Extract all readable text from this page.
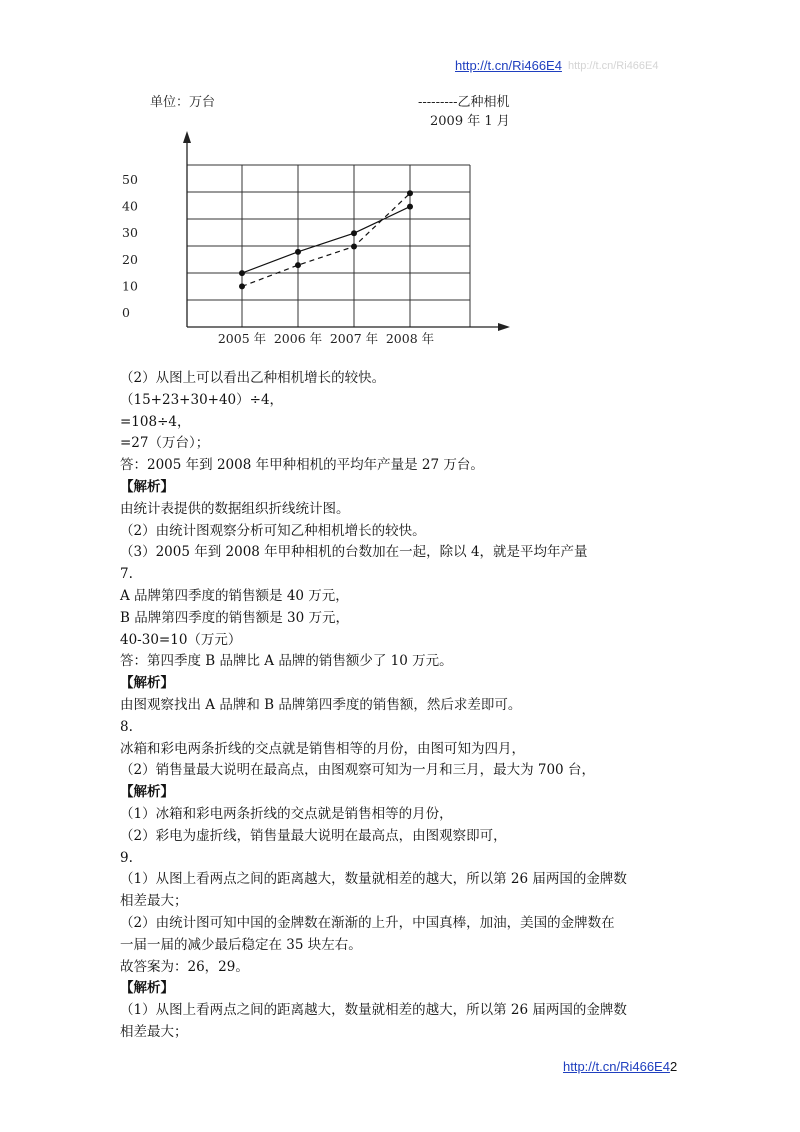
http://t.cn/Ri466E4 http://t.cn/Ri466E4
单位：万台	---------乙种相机
2009 年 1 月
0
10
20
30
40
50
2005 年 2006 年 2007 年 2008 年
（2）从图上可以看出乙种相机增长的较快。
（15+23+30+40）÷4，
=108÷4，
=27（万台）；
答：2005 年到 2008 年甲种相机的平均年产量是 27 万台。
【解析】
由统计表提供的数据组织折线统计图。
（2）由统计图观察分析可知乙种相机增长的较快。
（3）2005 年到 2008 年甲种相机的台数加在一起，除以 4，就是平均年产量
7.
A 品牌第四季度的销售额是 40 万元，
B 品牌第四季度的销售额是 30 万元，
40-30=10（万元）
答：第四季度 B 品牌比 A 品牌的销售额少了 10 万元。
【解析】
由图观察找出 A 品牌和 B 品牌第四季度的销售额，然后求差即可。
8.
冰箱和彩电两条折线的交点就是销售相等的月份，由图可知为四月，
（2）销售量最大说明在最高点，由图观察可知为一月和三月，最大为 700 台，
【解析】
（1）冰箱和彩电两条折线的交点就是销售相等的月份，
（2）彩电为虚折线，销售量最大说明在最高点，由图观察即可，
9.
（1）从图上看两点之间的距离越大，数量就相差的越大，所以第 26 届两国的金牌数
相差最大；
（2）由统计图可知中国的金牌数在渐渐的上升，中国真棒，加油，美国的金牌数在
一届一届的减少最后稳定在 35 块左右。
故答案为：26，29。
【解析】
（1）从图上看两点之间的距离越大，数量就相差的越大，所以第 26 届两国的金牌数
相差最大；
http://t.cn/Ri466E42
